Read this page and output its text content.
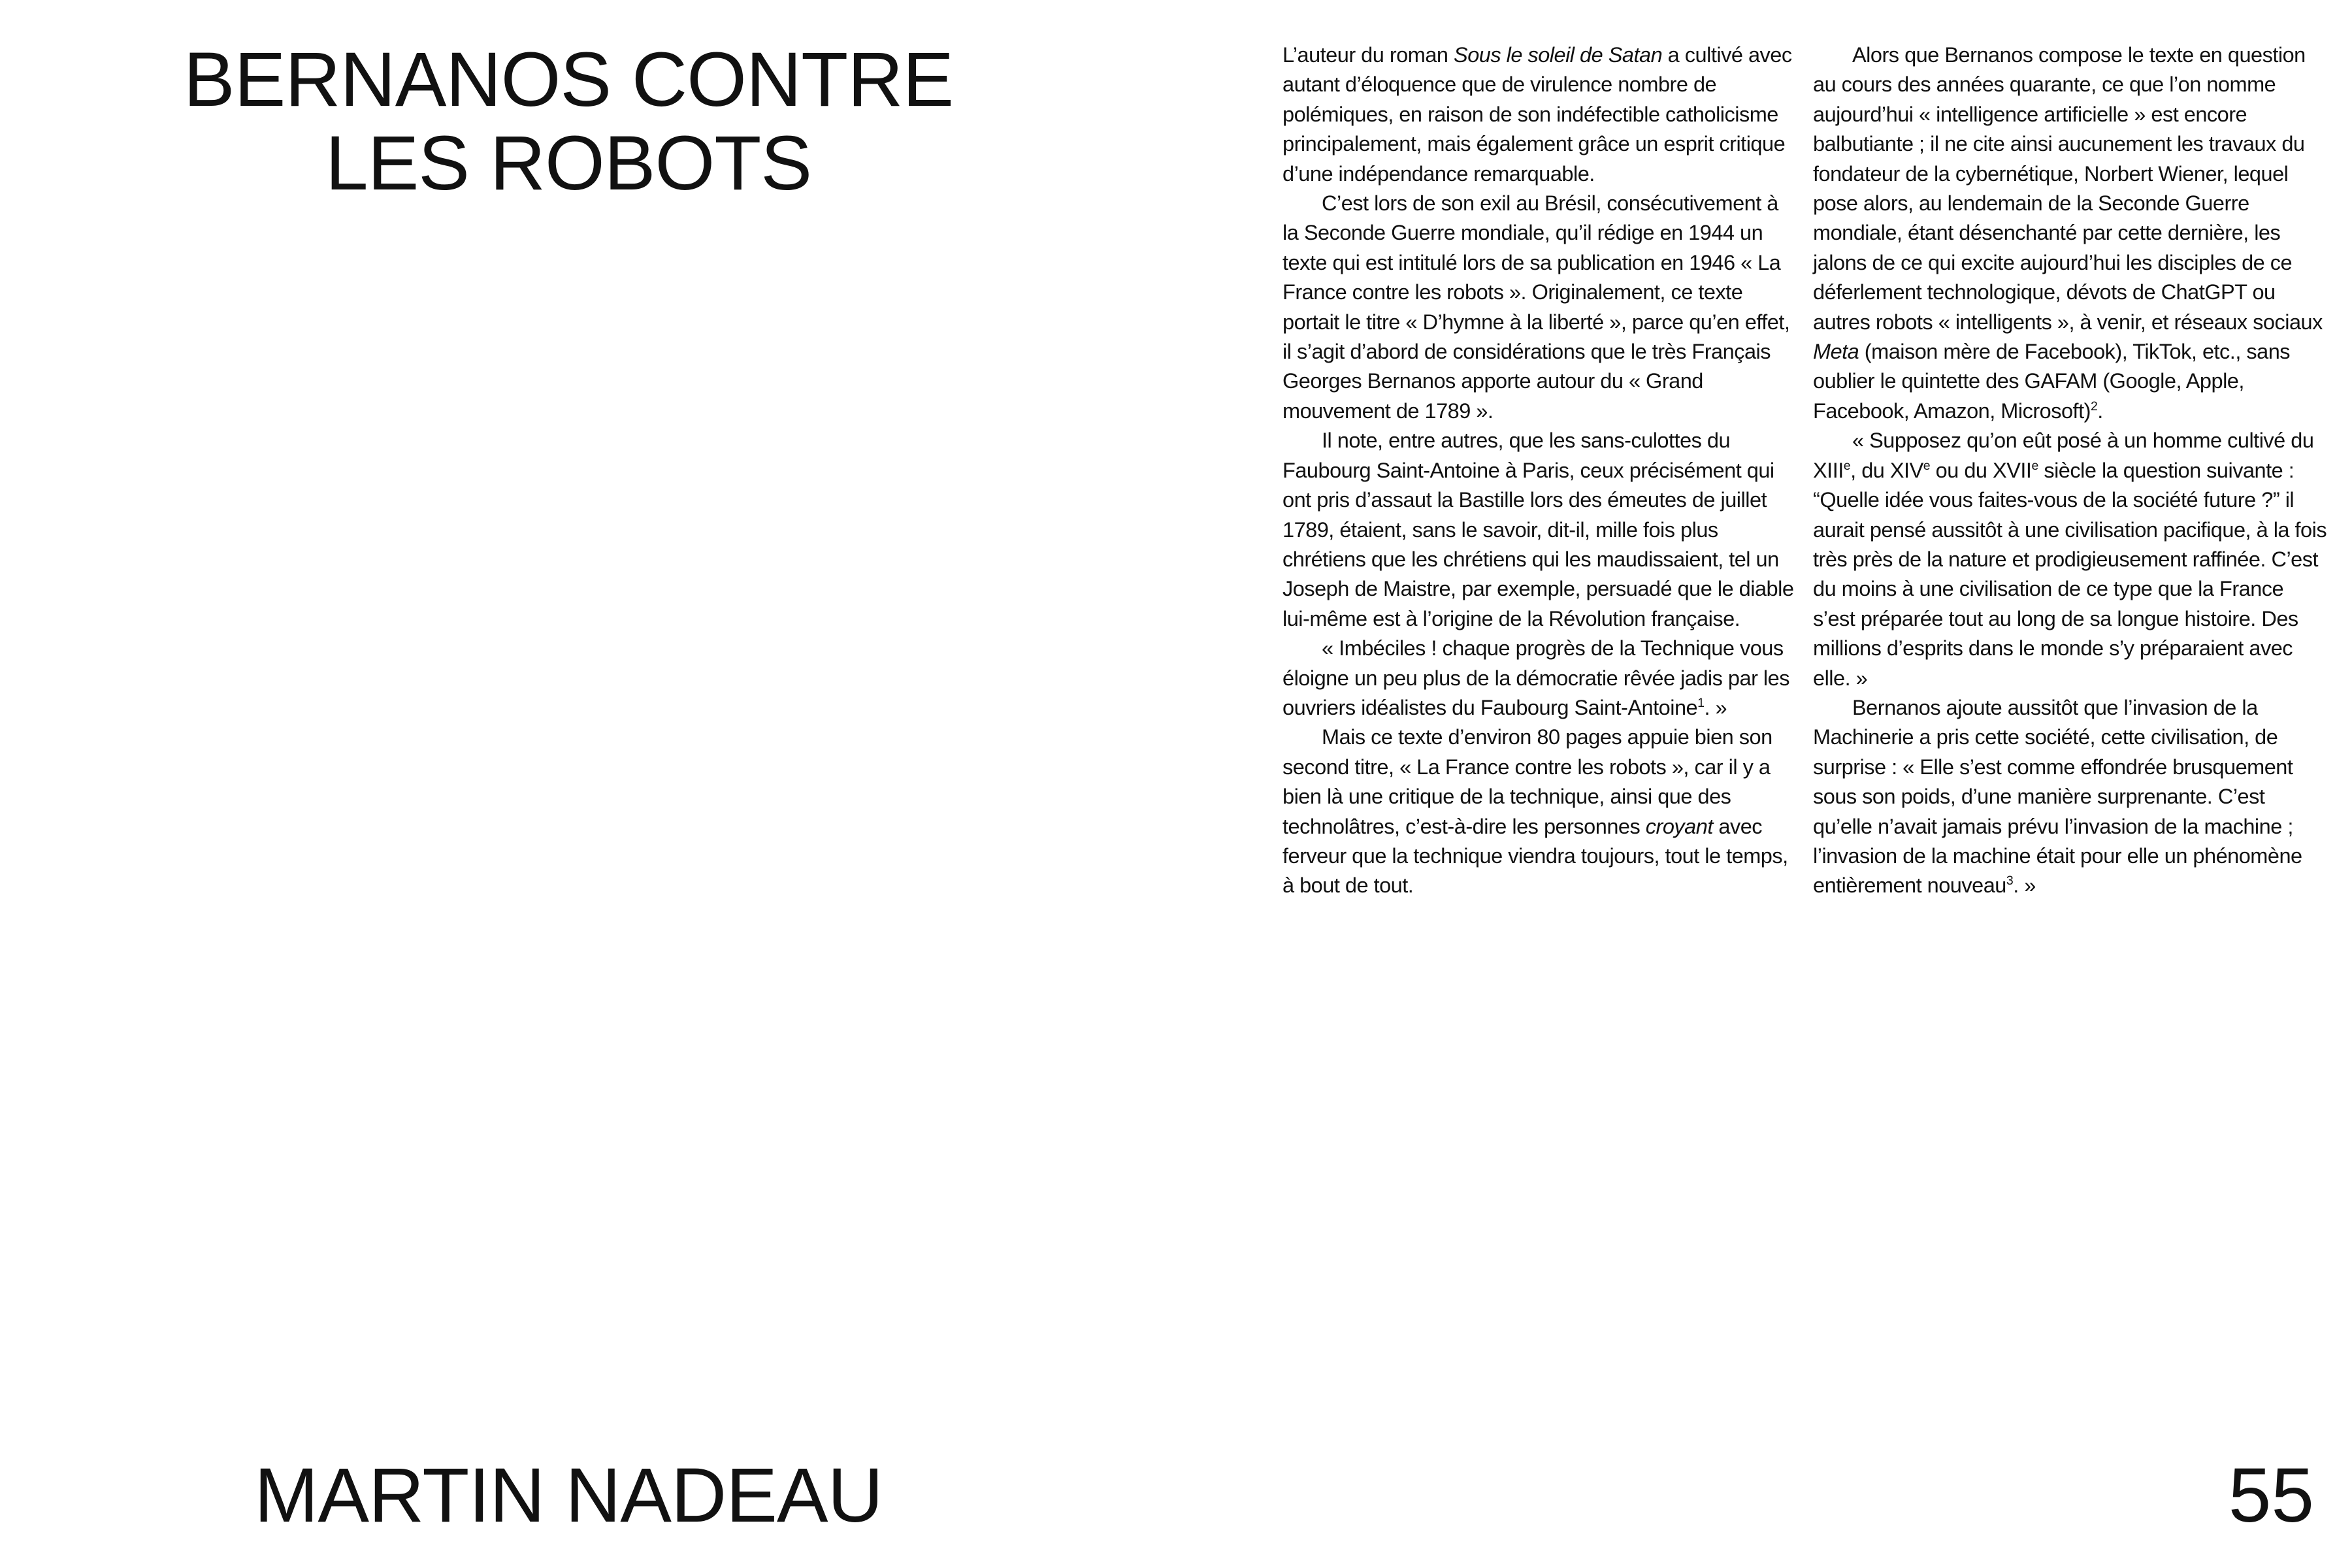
BERNANOS CONTRE
LES ROBOTS

L’auteur du roman Sous le soleil de Satan a cultivé avec autant d’éloquence que de virulence nombre de polémiques, en raison de son indéfectible catholicisme principalement, mais également grâce un esprit critique d’une indépendance remarquable.

C’est lors de son exil au Brésil, consécutivement à la Seconde Guerre mondiale, qu’il rédige en 1944 un texte qui est intitulé lors de sa publication en 1946 « La France contre les robots ». Originalement, ce texte portait le titre « D’hymne à la liberté », parce qu’en effet, il s’agit d’abord de considérations que le très Français Georges Bernanos apporte autour du « Grand mouvement de 1789 ».

Il note, entre autres, que les sans-culottes du Faubourg Saint-Antoine à Paris, ceux précisément qui ont pris d’assaut la Bastille lors des émeutes de juillet 1789, étaient, sans le savoir, dit-il, mille fois plus chrétiens que les chrétiens qui les maudissaient, tel un Joseph de Maistre, par exemple, persuadé que le diable lui-même est à l’origine de la Révolution française.

« Imbéciles ! chaque progrès de la Technique vous éloigne un peu plus de la démocratie rêvée jadis par les ouvriers idéalistes du Faubourg Saint-Antoine$^1$. »

Mais ce texte d’environ 80 pages appuie bien son second titre, « La France contre les robots », car il y a bien là une critique de la technique, ainsi que des technolâtres, c’est-à-dire les personnes croyant avec ferveur que la technique viendra toujours, tout le temps, à bout de tout.

Alors que Bernanos compose le texte en question au cours des années quarante, ce que l’on nomme aujourd’hui « intelligence artificielle » est encore balbutiante ; il ne cite ainsi aucunement les travaux du fondateur de la cybernétique, Norbert Wiener, lequel pose alors, au lendemain de la Seconde Guerre mondiale, étant désenchanté par cette dernière, les jalons de ce qui excite aujourd’hui les disciples de ce déferlement technologique, dévots de ChatGPT ou autres robots « intelligents », à venir, et réseaux sociaux Meta (maison mère de Facebook), TikTok, etc., sans oublier le quintette des GAFAM (Google, Apple, Facebook, Amazon, Microsoft)$^2$.

« Supposez qu’on eût posé à un homme cultivé du XIIIe, du XIVe ou du XVIIe siècle la question suivante : “Quelle idée vous faites-vous de la société future ?” il aurait pensé aussitôt à une civilisation pacifique, à la fois très près de la nature et prodigieusement raffinée. C’est du moins à une civilisation de ce type que la France s’est préparée tout au long de sa longue histoire. Des millions d’esprits dans le monde s’y préparaient avec elle. »

Bernanos ajoute aussitôt que l’invasion de la Machinerie a pris cette société, cette civilisation, de surprise : « Elle s’est comme effondrée brusquement sous son poids, d’une manière surprenante. C’est qu’elle n’avait jamais prévu l’invasion de la machine ; l’invasion de la machine était pour elle un phénomène entièrement nouveau$^3$. »

MARTIN NADEAU	55
